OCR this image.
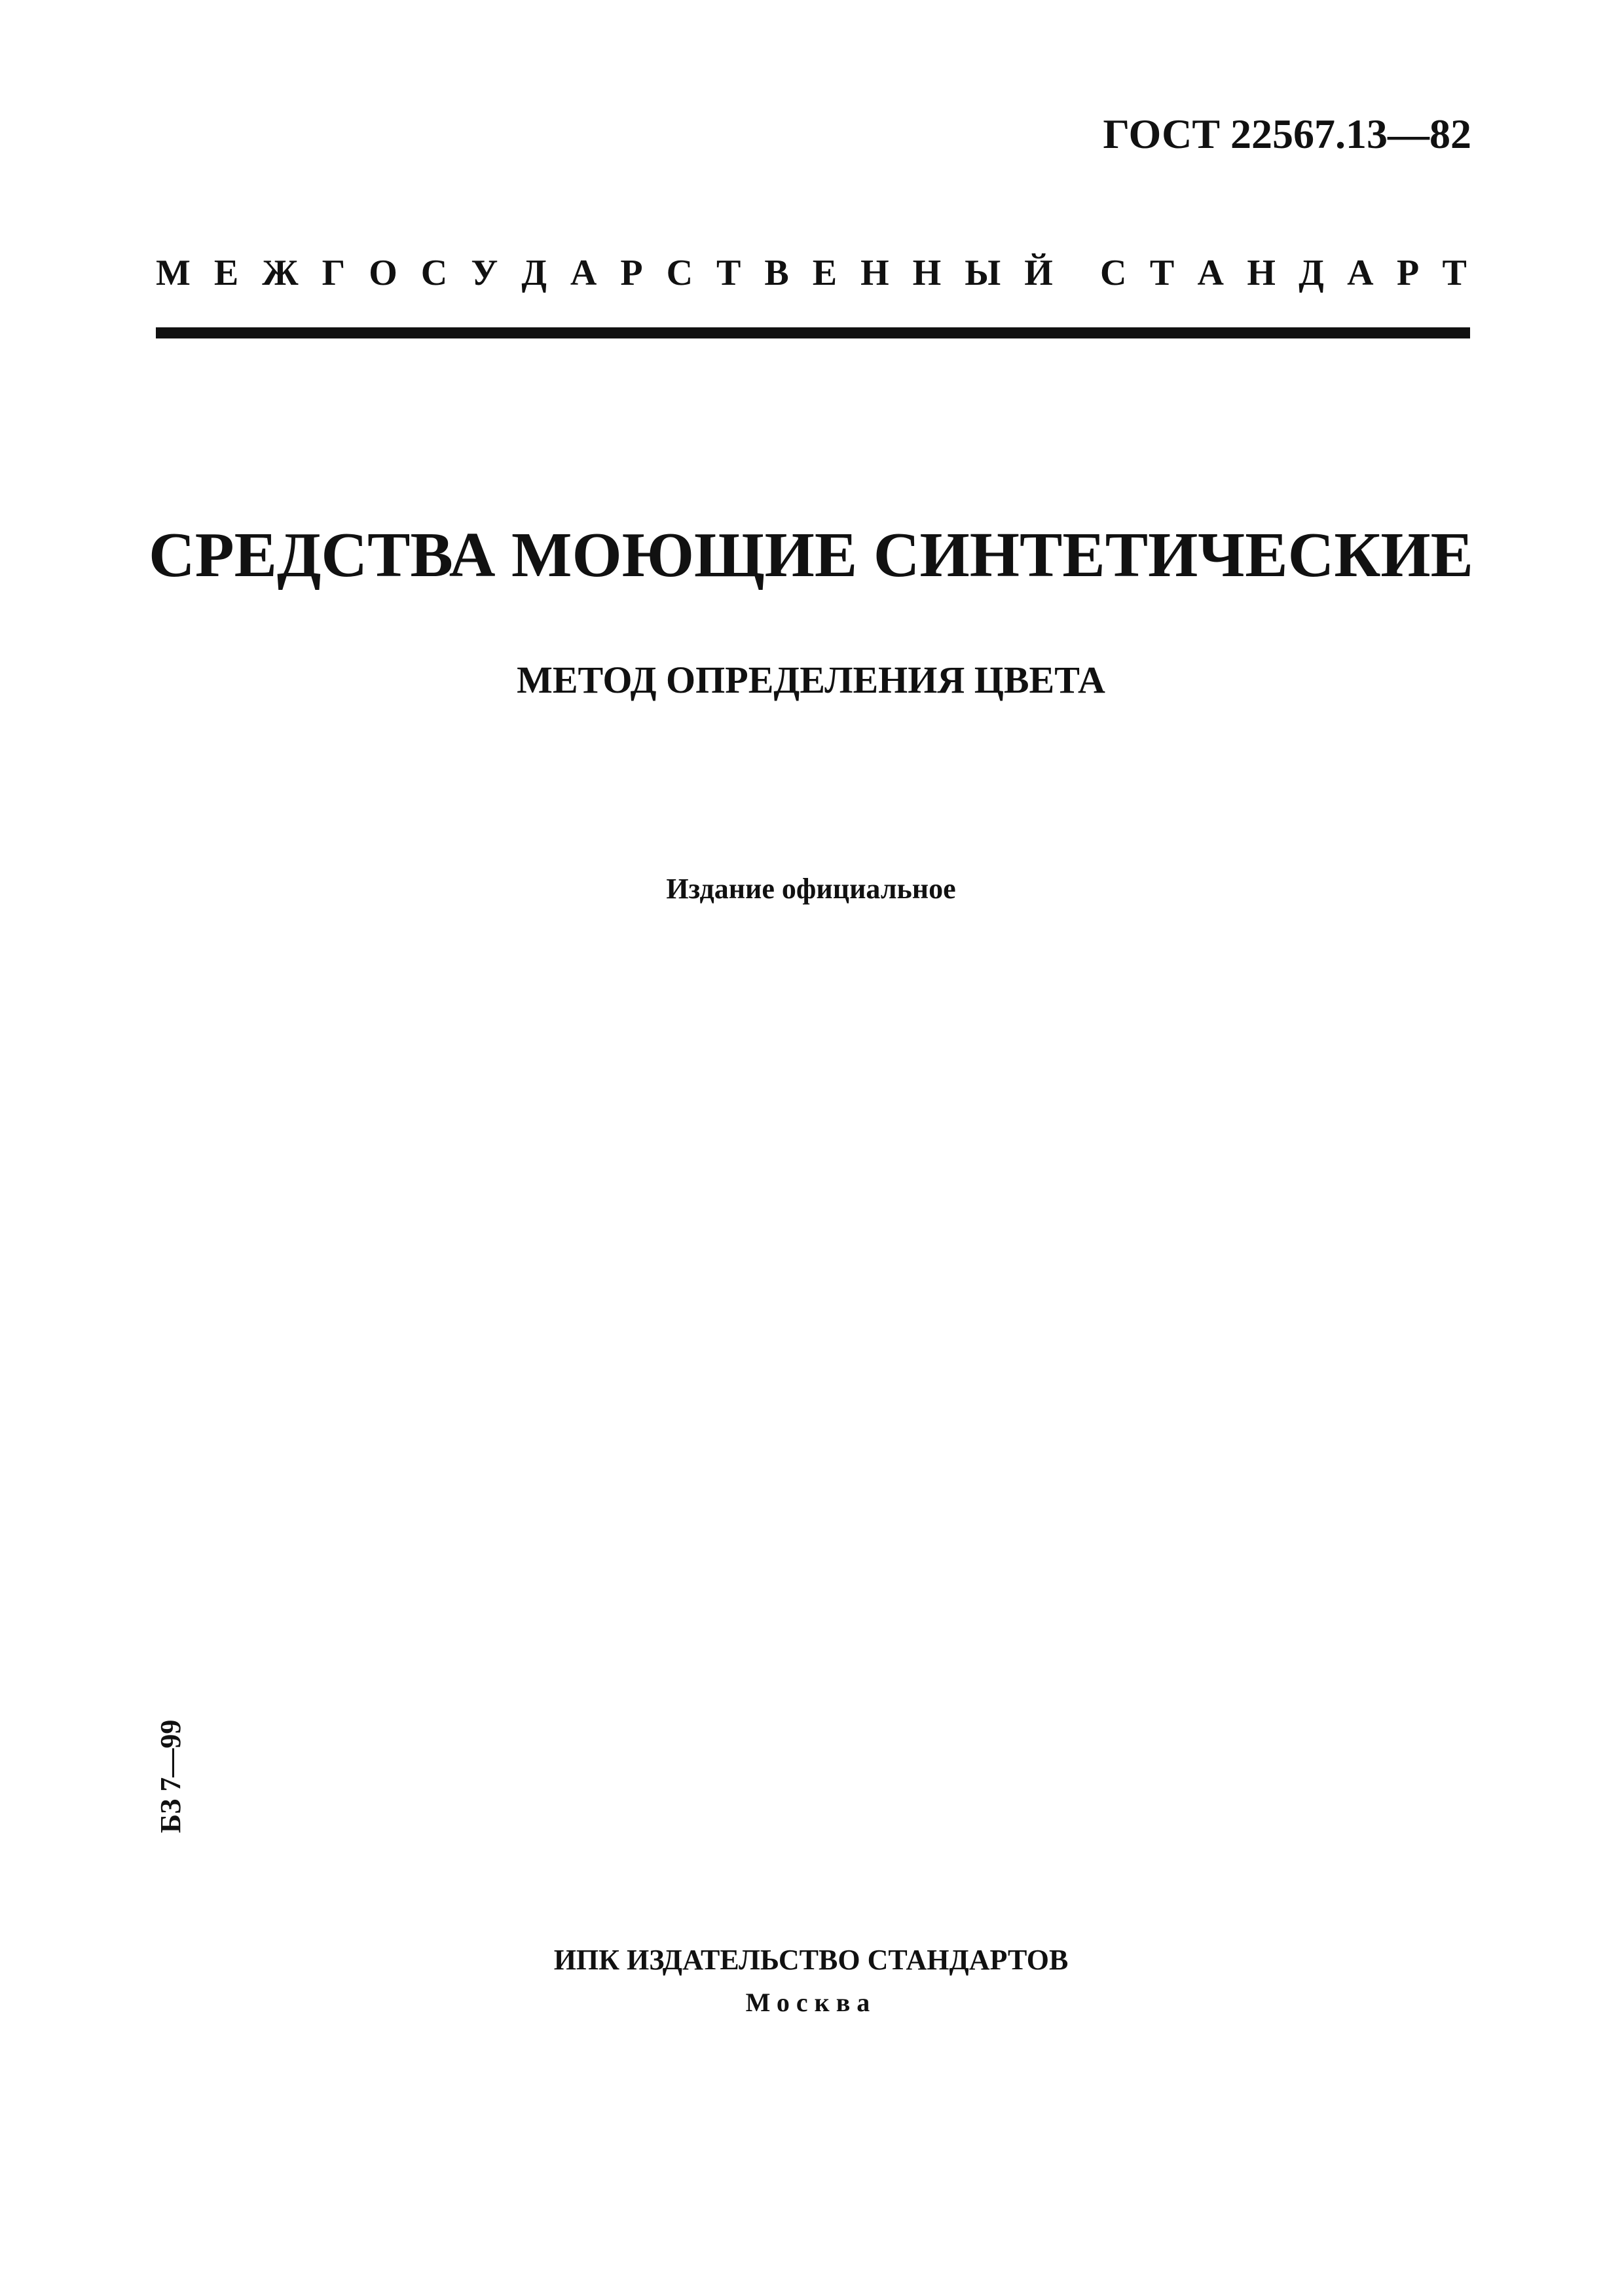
ГОСТ 22567.13—82
М Е Ж Г О С У Д А Р С Т В Е Н Н Ы Й С Т А Н Д А Р Т
СРЕДСТВА МОЮЩИЕ СИНТЕТИЧЕСКИЕ
МЕТОД ОПРЕДЕЛЕНИЯ ЦВЕТА
Издание официальное
БЗ 7—99
ИПК ИЗДАТЕЛЬСТВО СТАНДАРТОВ
Москва
